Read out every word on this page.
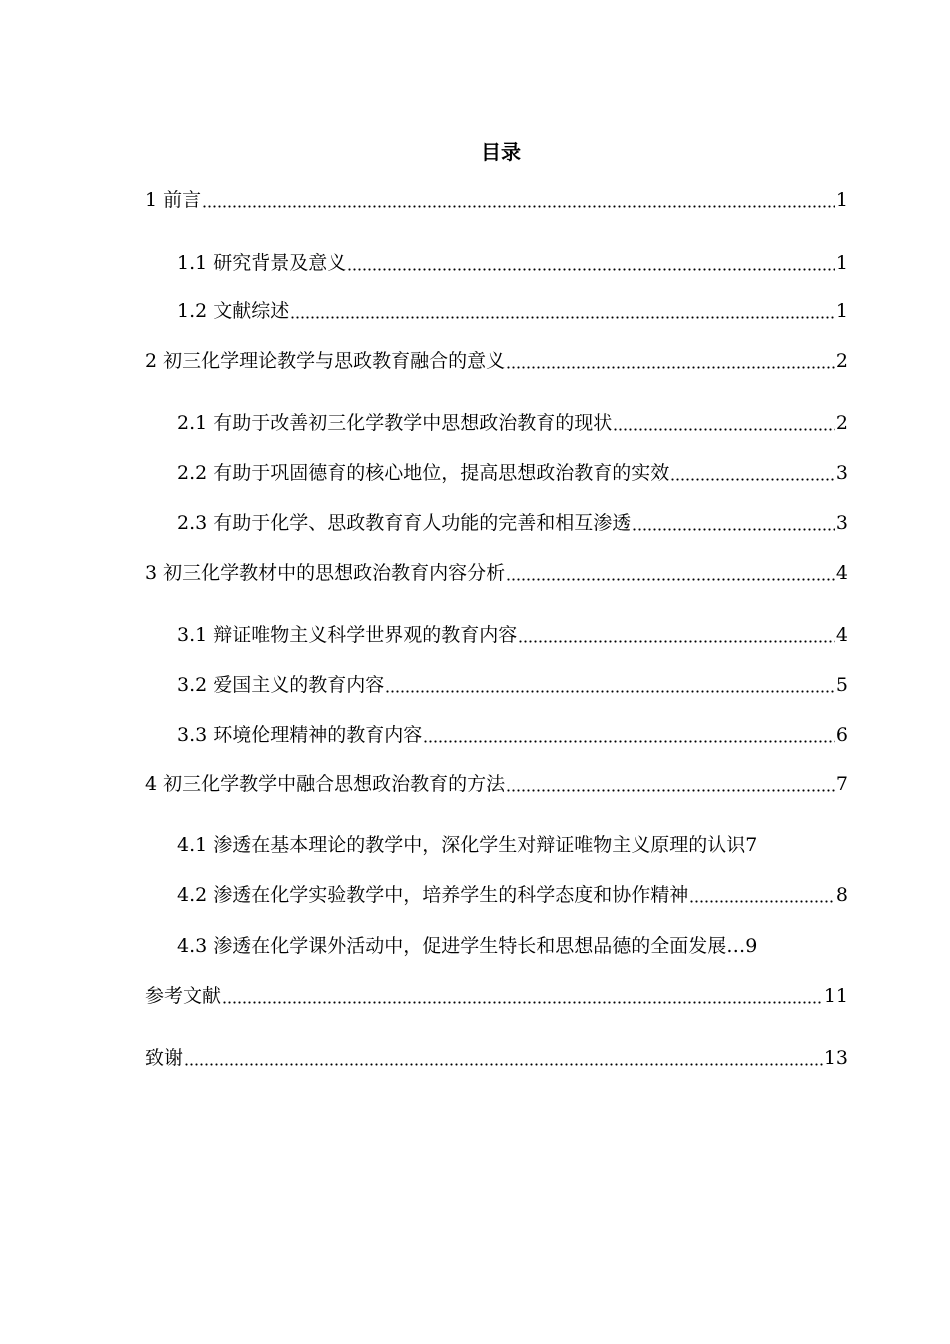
目录
1 前言	1
1.1 研究背景及意义	1
1.2 文献综述	1
2 初三化学理论教学与思政教育融合的意义	2
2.1 有助于改善初三化学教学中思想政治教育的现状	2
2.2 有助于巩固德育的核心地位，提高思想政治教育的实效	3
2.3 有助于化学、思政教育育人功能的完善和相互渗透	3
3 初三化学教材中的思想政治教育内容分析	4
3.1 辩证唯物主义科学世界观的教育内容	4
3.2 爱国主义的教育内容	5
3.3 环境伦理精神的教育内容	6
4 初三化学教学中融合思想政治教育的方法	7
4.1 渗透在基本理论的教学中，深化学生对辩证唯物主义原理的认识 7
4.2 渗透在化学实验教学中，培养学生的科学态度和协作精神	8
4.3 渗透在化学课外活动中，促进学生特长和思想品德的全面发展… 9
参考文献	11
致谢	13
